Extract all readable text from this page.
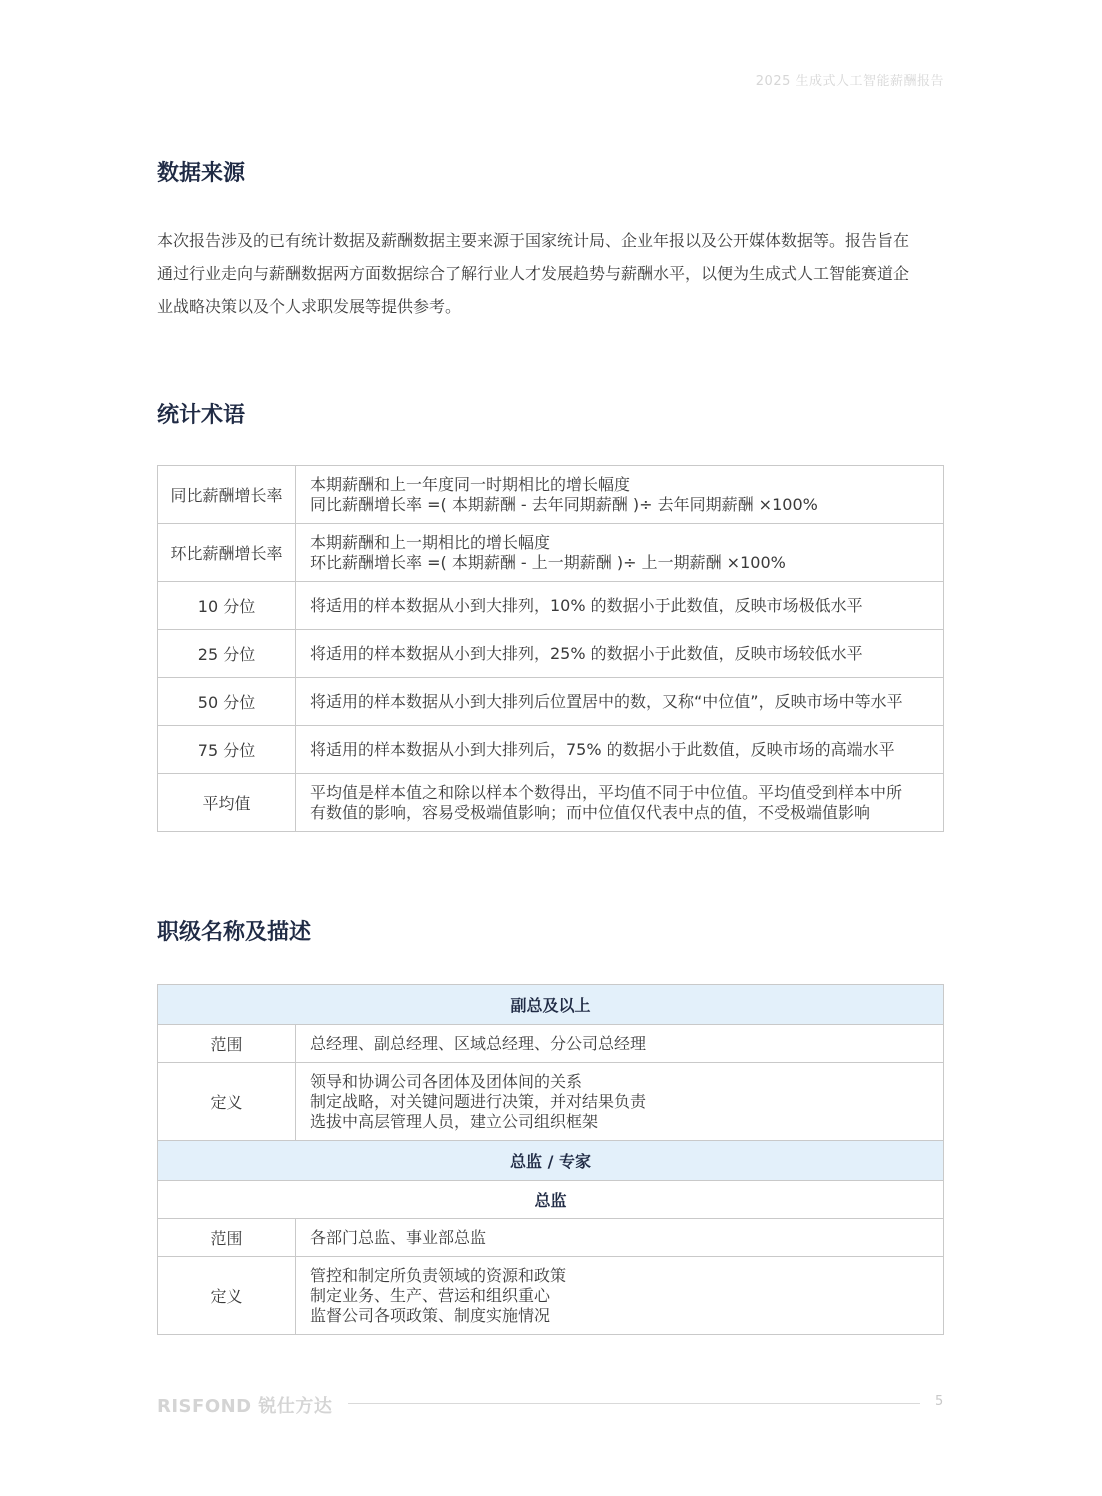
2025 生成式人工智能薪酬报告
数据来源
本次报告涉及的已有统计数据及薪酬数据主要来源于国家统计局、企业年报以及公开媒体数据等。报告旨在
通过行业走向与薪酬数据两方面数据综合了解行业人才发展趋势与薪酬水平，以便为生成式人工智能赛道企
业战略决策以及个人求职发展等提供参考。
统计术语
同比薪酬增长率	本期薪酬和上一年度同一时期相比的增长幅度
同比薪酬增长率 =( 本期薪酬 - 去年同期薪酬 )÷ 去年同期薪酬 ×100%

环比薪酬增长率	本期薪酬和上一期相比的增长幅度
环比薪酬增长率 =( 本期薪酬 - 上一期薪酬 )÷ 上一期薪酬 ×100%

10 分位	将适用的样本数据从小到大排列，10% 的数据小于此数值，反映市场极低水平

25 分位	将适用的样本数据从小到大排列，25% 的数据小于此数值，反映市场较低水平

50 分位	将适用的样本数据从小到大排列后位置居中的数，又称“中位值”，反映市场中等水平

75 分位	将适用的样本数据从小到大排列后，75% 的数据小于此数值，反映市场的高端水平

平均值	平均值是样本值之和除以样本个数得出，平均值不同于中位值。平均值受到样本中所
有数值的影响，容易受极端值影响；而中位值仅代表中点的值，不受极端值影响
职级名称及描述
副总及以上	
范围	总经理、副总经理、区域总经理、分公司总经理
定义	领导和协调公司各团体及团体间的关系
制定战略，对关键问题进行决策，并对结果负责
选拔中高层管理人员，建立公司组织框架

总监 / 专家	
总监	
范围	各部门总监、事业部总监
定义	管控和制定所负责领域的资源和政策
制定业务、生产、营运和组织重心
监督公司各项政策、制度实施情况
RISFOND 锐仕方达	5
